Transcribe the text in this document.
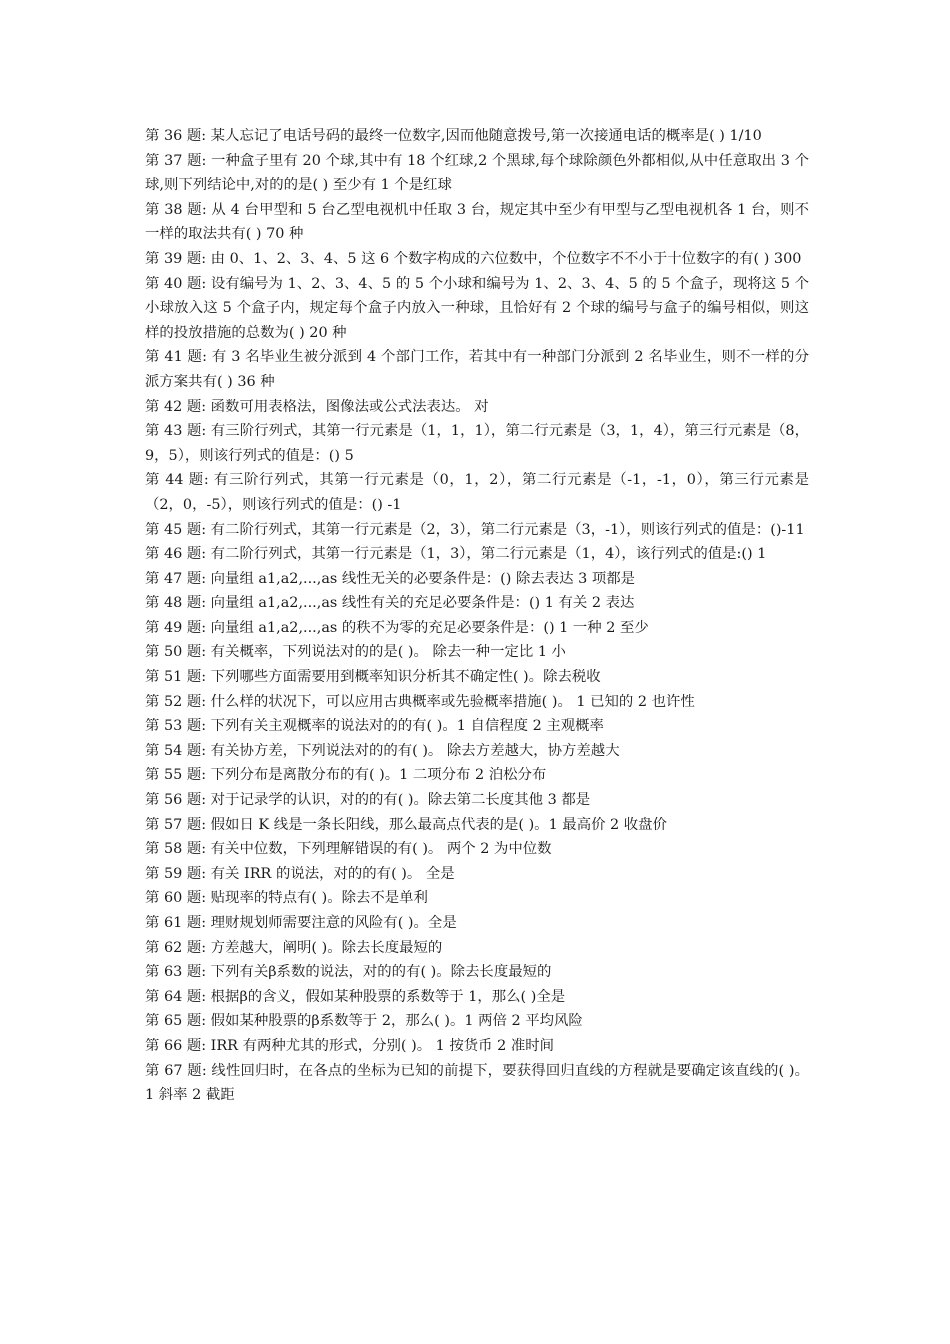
第 36 题: 某人忘记了电话号码的最终一位数字,因而他随意拨号,第一次接通电话的概率是( ) 1/10

第 37 题: 一种盒子里有 20 个球,其中有 18 个红球,2 个黑球,每个球除颜色外都相似,从中任意取出 3 个球,则下列结论中,对的的是( ) 至少有 1 个是红球

第 38 题: 从 4 台甲型和 5 台乙型电视机中任取 3 台，规定其中至少有甲型与乙型电视机各 1 台，则不一样的取法共有( ) 70 种

第 39 题: 由 0、1、2、3、4、5 这 6 个数字构成的六位数中，个位数字不不小于十位数字的有( ) 300

第 40 题: 设有编号为 1、2、3、4、5 的 5 个小球和编号为 1、2、3、4、5 的 5 个盒子，现将这 5 个小球放入这 5 个盒子内，规定每个盒子内放入一种球，且恰好有 2 个球的编号与盒子的编号相似，则这样的投放措施的总数为( ) 20 种

第 41 题: 有 3 名毕业生被分派到 4 个部门工作，若其中有一种部门分派到 2 名毕业生，则不一样的分派方案共有( ) 36 种

第 42 题: 函数可用表格法，图像法或公式法表达。 对

第 43 题: 有三阶行列式，其第一行元素是（1，1，1），第二行元素是（3，1，4），第三行元素是（8，9，5），则该行列式的值是：() 5

第 44 题: 有三阶行列式，其第一行元素是（0，1，2），第二行元素是（-1，-1，0），第三行元素是（2，0，-5），则该行列式的值是：() -1

第 45 题: 有二阶行列式，其第一行元素是（2，3），第二行元素是（3，-1），则该行列式的值是：()-11

第 46 题: 有二阶行列式，其第一行元素是（1，3），第二行元素是（1，4），该行列式的值是:() 1

第 47 题: 向量组 a1,a2,...,as 线性无关的必要条件是：() 除去表达 3 项都是

第 48 题: 向量组 a1,a2,...,as 线性有关的充足必要条件是：() 1 有关 2 表达

第 49 题: 向量组 a1,a2,...,as 的秩不为零的充足必要条件是：() 1 一种 2 至少

第 50 题: 有关概率，下列说法对的的是( )。 除去一种一定比 1 小

第 51 题: 下列哪些方面需要用到概率知识分析其不确定性( )。除去税收

第 52 题: 什么样的状况下，可以应用古典概率或先验概率措施( )。 1 已知的 2 也许性

第 53 题: 下列有关主观概率的说法对的的有( )。1 自信程度 2 主观概率

第 54 题: 有关协方差，下列说法对的的有( )。 除去方差越大，协方差越大

第 55 题: 下列分布是离散分布的有( )。1 二项分布 2 泊松分布

第 56 题: 对于记录学的认识，对的的有( )。除去第二长度其他 3 都是

第 57 题: 假如日 K 线是一条长阳线，那么最高点代表的是( )。1 最高价 2 收盘价

第 58 题: 有关中位数，下列理解错误的有( )。 两个 2 为中位数

第 59 题: 有关 IRR 的说法，对的的有( )。 全是

第 60 题: 贴现率的特点有( )。除去不是单利

第 61 题: 理财规划师需要注意的风险有( )。全是

第 62 题: 方差越大，阐明( )。除去长度最短的

第 63 题: 下列有关β系数的说法，对的的有( )。除去长度最短的

第 64 题: 根据β的含义，假如某种股票的系数等于 1，那么( )全是

第 65 题: 假如某种股票的β系数等于 2，那么( )。1 两倍 2 平均风险

第 66 题: IRR 有两种尤其的形式，分别( )。 1 按货币 2 准时间

第 67 题: 线性回归时，在各点的坐标为已知的前提下，要获得回归直线的方程就是要确定该直线的( )。1 斜率 2 截距
